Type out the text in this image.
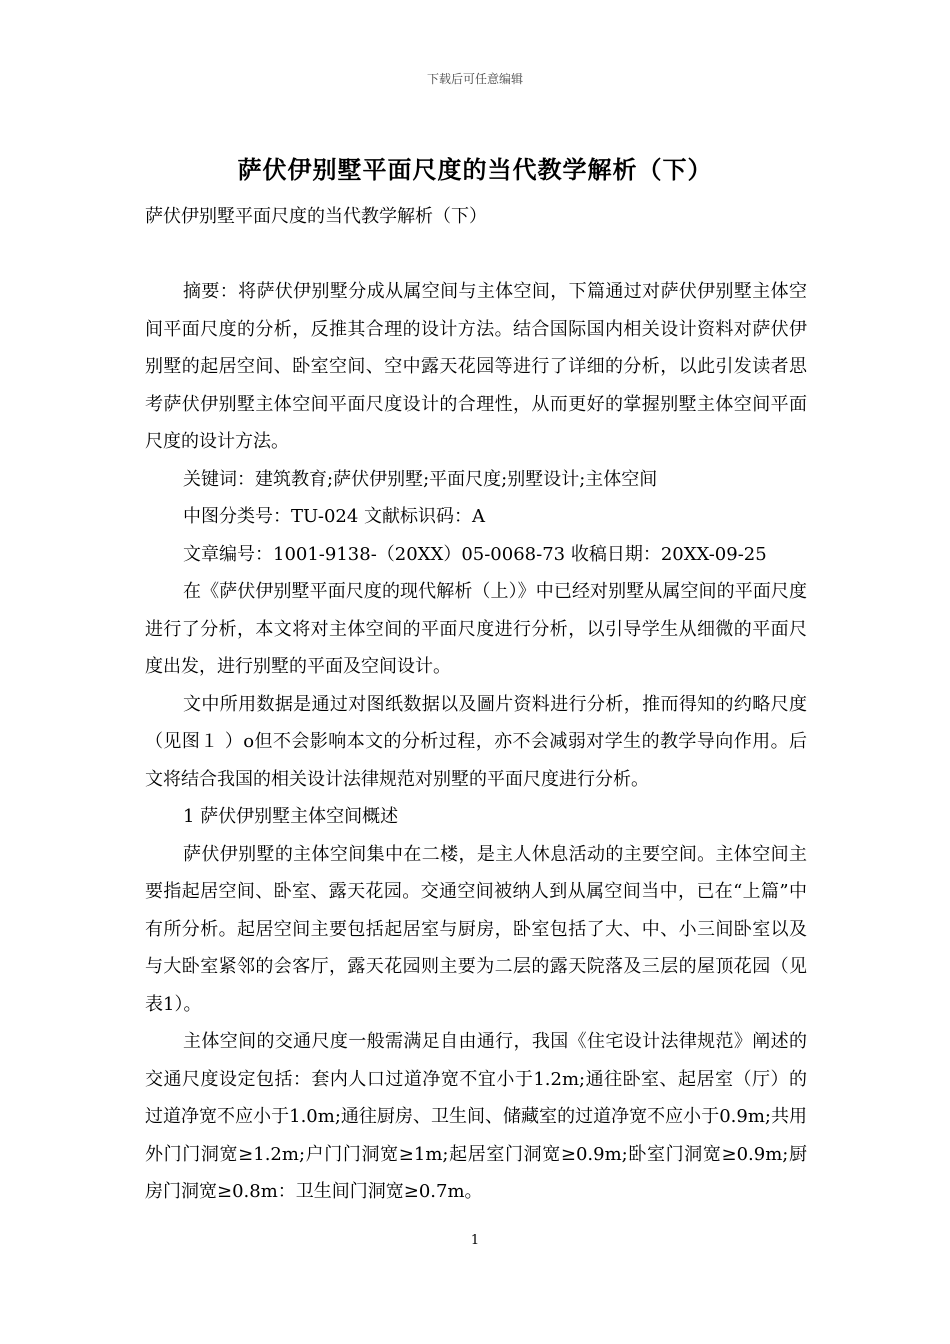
下载后可任意编辑
萨伏伊别墅平面尺度的当代教学解析（下）

萨伏伊别墅平面尺度的当代教学解析（下）

摘要：将萨伏伊别墅分成从属空间与主体空间，下篇通过对萨伏伊别墅主体空间平面尺度的分析，反推其合理的设计方法。结合国际国内相关设计资料对萨伏伊别墅的起居空间、卧室空间、空中露天花园等进行了详细的分析，以此引发读者思考萨伏伊别墅主体空间平面尺度设计的合理性，从而更好的掌握别墅主体空间平面尺度的设计方法。

关键词：建筑教育;萨伏伊别墅;平面尺度;别墅设计;主体空间

中图分类号：TU-024 文献标识码：A

文章编号：1001-9138-（20XX）05-0068-73 收稿日期：20XX-09-25

在《萨伏伊别墅平面尺度的现代解析（上）》中已经对别墅从属空间的平面尺度进行了分析，本文将对主体空间的平面尺度进行分析，以引导学生从细微的平面尺度出发，进行别墅的平面及空间设计。

文中所用数据是通过对图纸数据以及圖片资料进行分析，推而得知的约略尺度（见图１ ）o但不会影响本文的分析过程，亦不会减弱对学生的教学导向作用。后文将结合我国的相关设计法律规范对别墅的平面尺度进行分析。

1 萨伏伊别墅主体空间概述

萨伏伊别墅的主体空间集中在二楼，是主人休息活动的主要空间。主体空间主要指起居空间、卧室、露天花园。交通空间被纳人到从属空间当中，已在“上篇”中有所分析。起居空间主要包括起居室与厨房，卧室包括了大、中、小三间卧室以及与大卧室紧邻的会客厅，露天花园则主要为二层的露天院落及三层的屋顶花园（见表1）。

主体空间的交通尺度一般需满足自由通行，我国《住宅设计法律规范》阐述的交通尺度设定包括：套内人口过道净宽不宜小于1.2m;通往卧室、起居室（厅）的过道净宽不应小于1.0m;通往厨房、卫生间、储藏室的过道净宽不应小于0.9m;共用外门门洞宽≥1.2m;户门门洞宽≥1m;起居室门洞宽≥0.9m;卧室门洞宽≥0.9m;厨房门洞宽≥0.8m：卫生间门洞宽≥0.7m。

1
